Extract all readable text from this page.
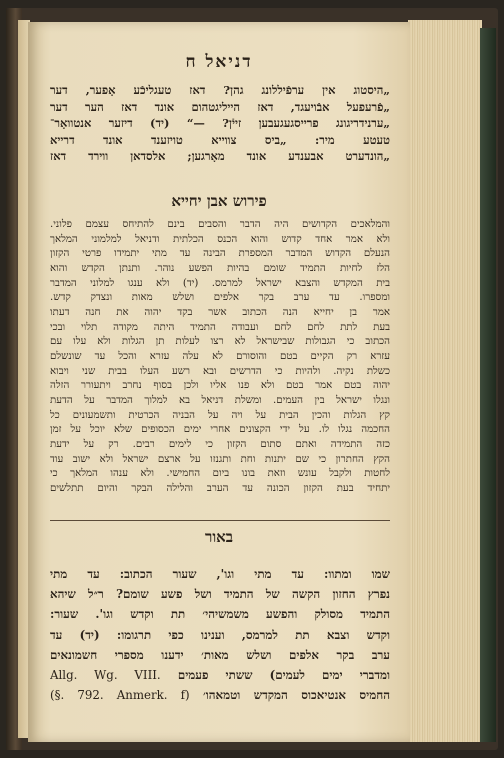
דניאל ח
„היסטוג אין ערפֿיללונג גהן? דאז טעגליכֿע אָפער, דער
„פֿרעפעל אבֿויעגד, דאז הייליגטהום אונד דאז הער דער
„ערנידריגונג פרייסגעגעבען זייֿן? —“ (יד) דיזער אנטוואָר־
טעטע מיר: „ביס צווייא טויזענד אונד דרייא
„הונדערט אבענדע אונד מאָרגען; אלסדאן ווירד דאז
פירוש אבן יחייא
והמלאכים הקדושים היה הדבר והסבים בינם להתיחס עצמם פלוני.
ולא אמר אחד קדוש והוא הכנס הכלתית ודניאל למלמוני המלאך
הנעלם הקדוש המדבר המספרת הבינה עד מתי יתמידו פרטי הקזון
הלז לחיות התמיד שומם בהיות הפשע נוהר. ותנתן הקדש והוא
בית המקדש והצבא ישראל למרמס. (יד) ולא ענגו למלוני המדבר
ומספרו. עד ערב בקר אלפים ושלש מאות ונצדק קדש.
אמר בן יחייא הנה הכתוב אשר בקד יהוה את חנה דעתו
בעת לתת לחם לחם ועבודה התמיד היתה מקודה תלוי ובכי
הכתוב כי הגבולות שבישראל לא רצו לעלות תן הגלות ולא עלו עם
עזרא רק הקיים בטם והוסורם לא עלה עזרא והכל עד שונשלם
כשלת נקיה. ולהיות כי הדרשים ובא רשע העלו בבית שני ויבוא
יהוה בטם אמר בטם ולא פנו אליו ולכן בסוף נחרב ויתעורר הזלה
ונגלו ישראל בין העמים. ומשלת דניאל בא למלוך המדבר על הדעת
קץ הגלות והכין הבית על ויה על הבניה הכרטית ותשמעונים כל
החכמה נגלו לו. על ידי הקצונים אחרי ימים הכסופים שלא יוכל על זמן
כזה התמידה ואתם סתום הקזון כי לימים רבים. רק על ידעת
הקץ החתרון כי שם יתנות וחת ותגנזו על ארצם ישראל ולא ישוב עוד
לחטות ולקבל עונש וזאת בונו ביום החמישי. ולא ענהו המלאך כי
יתחיד בעת הקזון הכונה עד הערב והלילה הבקר והיום תתלשים
באור
שמו ומתוו: עד מתי וגו', שעור הכתוב: עד מתי
נפרץ החזון הקשה של התמיד ושל פשע שומם? ר״ל שיהא
התמיד מסולק והפשע משמשיהי׳ תת וקדש וגו'. שעור:
וקדש וצבא תת למרמס, וענינו כפי תרגומו: (יד) עד
ערב בקר אלפים ושלש מאות׳ ידענו מספרי חשמונאים
ומדברי ימים לעמים) ששתי פעמים Allg. Wg. VIII.
החמיס אנטיאכוס המקדש וטמאהו׳ (§. 792. Anmerk. f)
